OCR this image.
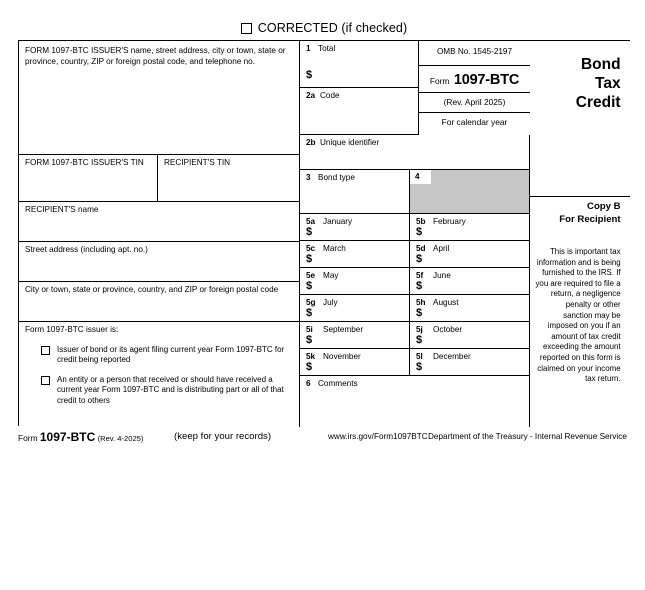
CORRECTED (if checked)
FORM 1097-BTC ISSUER'S name, street address, city or town, state or province, country, ZIP or foreign postal code, and telephone no.
FORM 1097-BTC ISSUER'S TIN	RECIPIENT'S TIN
RECIPIENT'S name
Street address (including apt. no.)
City or town, state or province, country, and ZIP or foreign postal code
Form 1097-BTC issuer is:
Issuer of bond or its agent filing current year Form 1097-BTC for credit being reported
An entity or a person that received or should have received a current year Form 1097-BTC and is distributing part or all of that credit to others
1 Total
$
2a Code
OMB No. 1545-2197
Form 1097-BTC
(Rev. April 2025)
For calendar year
2b Unique identifier
3 Bond type	4
5a January
$
5b February
$
5c March
$
5d April
$
5e May
$
5f June
$
5g July
$
5h August
$
5i September
$
5j October
$
5k November
$
5l December
$
6 Comments
Bond
Tax
Credit
Copy B
For Recipient
This is important tax information and is being furnished to the IRS. If you are required to file a return, a negligence penalty or other sanction may be imposed on you if an amount of tax credit exceeding the amount reported on this form is claimed on your income tax return.
Form 1097-BTC (Rev. 4-2025)	(keep for your records)	www.irs.gov/Form1097BTC Department of the Treasury - Internal Revenue Service
